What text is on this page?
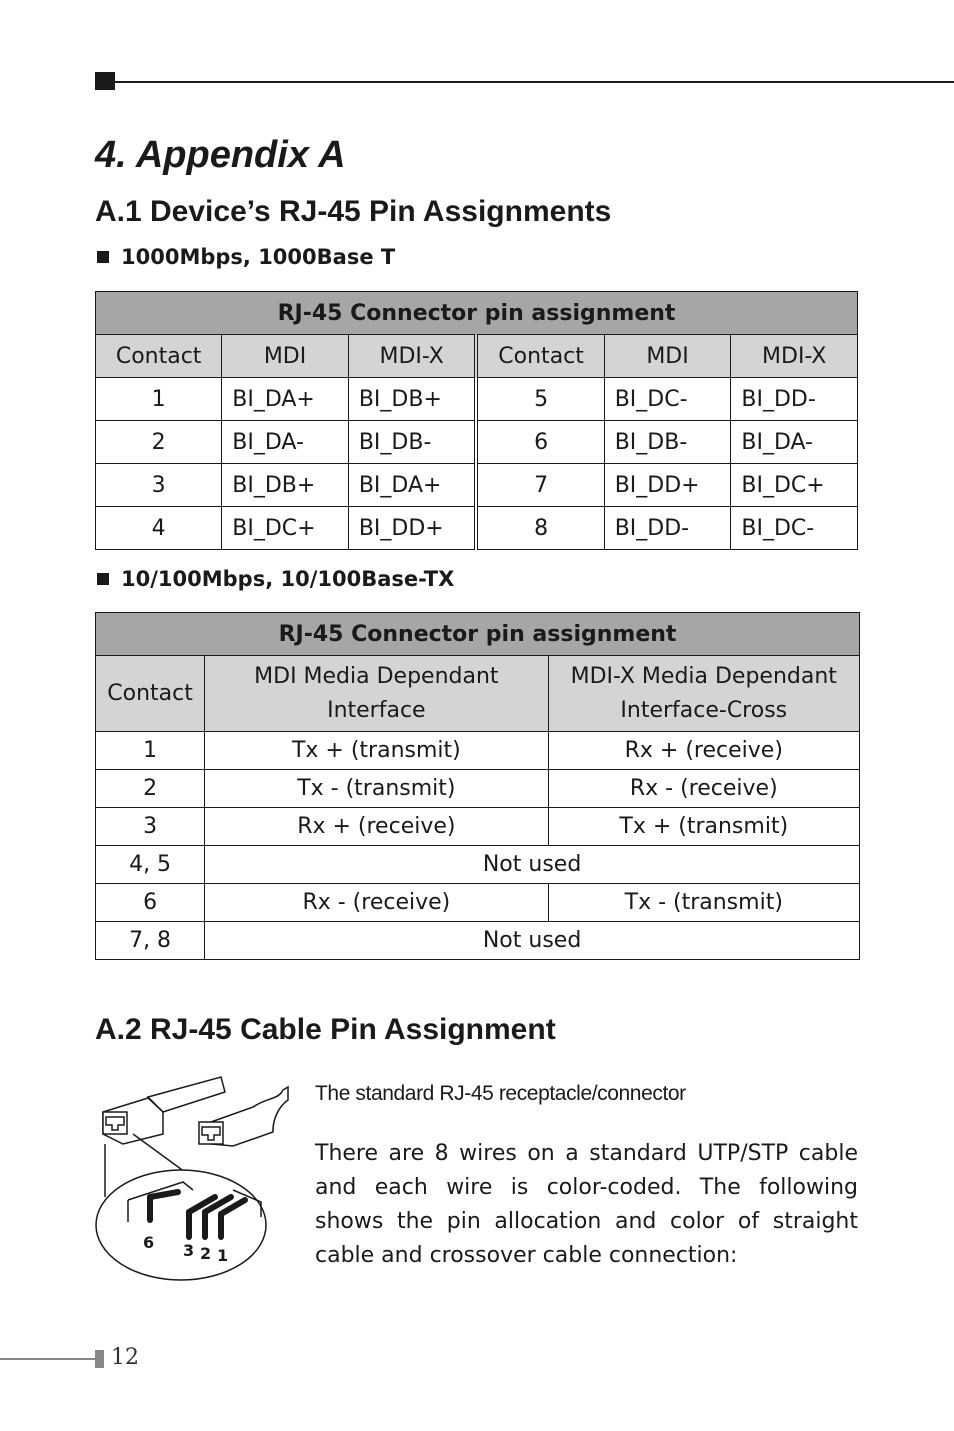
4. Appendix A
A.1 Device’s RJ-45 Pin Assignments
1000Mbps, 1000Base T
RJ-45 Connector pin assignment					
Contact	MDI	MDI-X	Contact	MDI	MDI-X
1	BI_DA+	BI_DB+	5	BI_DC-	BI_DD-
2	BI_DA-	BI_DB-	6	BI_DB-	BI_DA-
3	BI_DB+	BI_DA+	7	BI_DD+	BI_DC+
4	BI_DC+	BI_DD+	8	BI_DD-	BI_DC-
10/100Mbps, 10/100Base-TX
RJ-45 Connector pin assignment		
Contact	MDI Media Dependant Interface	MDI-X Media Dependant Interface-Cross
1	Tx + (transmit)	Rx + (receive)
2	Tx - (transmit)	Rx - (receive)
3	Rx + (receive)	Tx + (transmit)
4, 5	Not used	
6	Rx - (receive)	Tx - (transmit)
7, 8	Not used	
A.2 RJ-45 Cable Pin Assignment
6 3 2 1

The standard RJ-45 receptacle/connector

There are 8 wires on a standard UTP/STP cable and each wire is color-coded. The following shows the pin allocation and color of straight cable and crossover cable connection:

12
